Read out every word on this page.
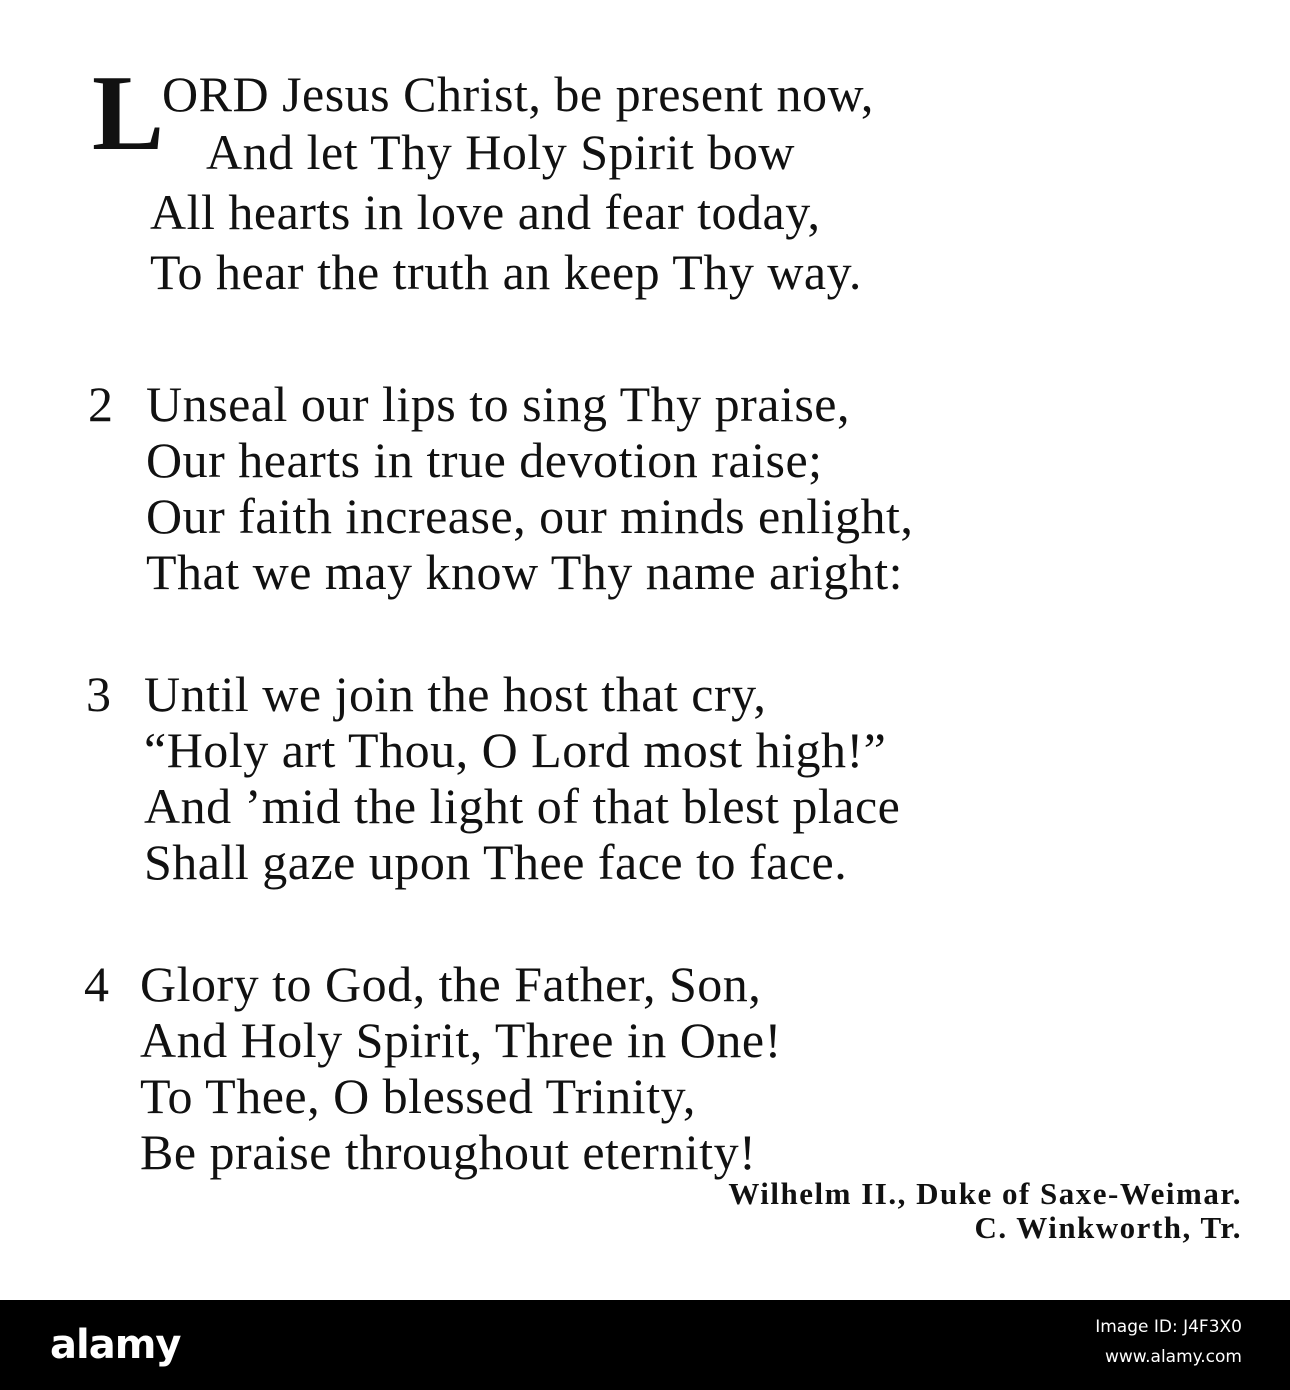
L
ORD Jesus Christ, be present now,
And let Thy Holy Spirit bow
All hearts in love and fear today,
To hear the truth an keep Thy way.
2 Unseal our lips to sing Thy praise,
Our hearts in true devotion raise;
Our faith increase, our minds enlight,
That we may know Thy name aright:
3 Until we join the host that cry,
“Holy art Thou, O Lord most high!”
And ’mid the light of that blest place
Shall gaze upon Thee face to face.
4 Glory to God, the Father, Son,
And Holy Spirit, Three in One!
To Thee, O blessed Trinity,
Be praise throughout eternity!
Wilhelm II., Duke of Saxe-Weimar.
C. Winkworth, Tr.
alamy	Image ID: J4F3X0
www.alamy.com
